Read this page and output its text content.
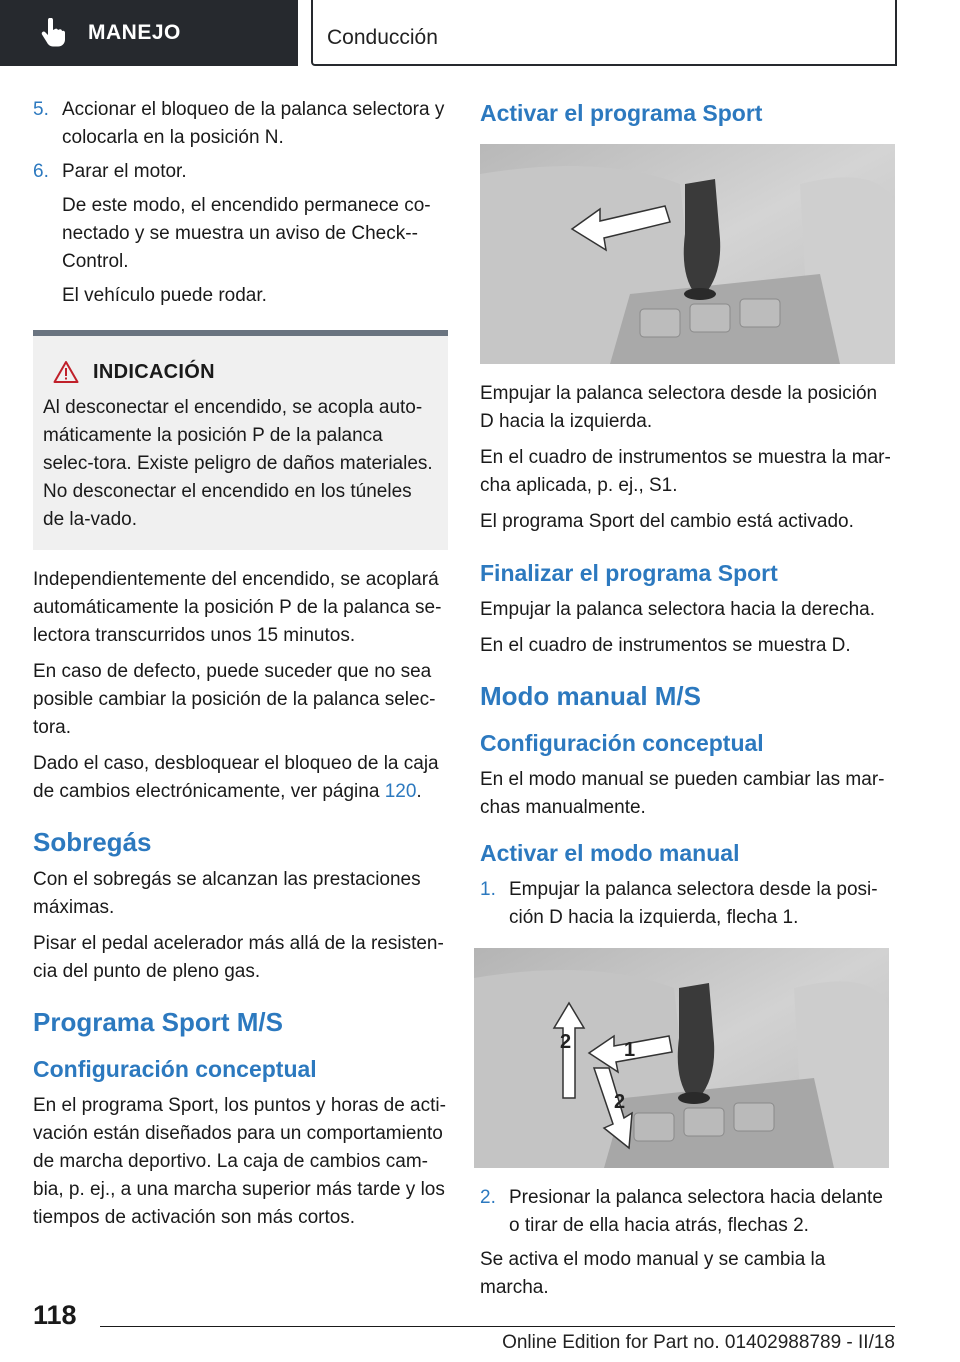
MANEJO	Conducción
5. Accionar el bloqueo de la palanca selectora y colocarla en la posición N.
6. Parar el motor.

De este modo, el encendido permanece co-nectado y se muestra un aviso de Check--Control.

El vehículo puede rodar.

INDICACIÓN

Al desconectar el encendido, se acopla auto-máticamente la posición P de la palanca selec-tora. Existe peligro de daños materiales. No desconectar el encendido en los túneles de la-vado.

Independientemente del encendido, se acoplará automáticamente la posición P de la palanca se-lectora transcurridos unos 15 minutos.

En caso de defecto, puede suceder que no sea posible cambiar la posición de la palanca selec-tora.

Dado el caso, desbloquear el bloqueo de la caja de cambios electrónicamente, ver página 120.

Sobregás

Con el sobregás se alcanzan las prestaciones máximas.

Pisar el pedal acelerador más allá de la resisten-cia del punto de pleno gas.

Programa Sport M/S
Configuración conceptual

En el programa Sport, los puntos y horas de acti-vación están diseñados para un comportamiento de marcha deportivo. La caja de cambios cam-bia, p. ej., a una marcha superior más tarde y los tiempos de activación son más cortos.

Activar el programa Sport

Empujar la palanca selectora desde la posición D hacia la izquierda.

En el cuadro de instrumentos se muestra la mar-cha aplicada, p. ej., S1.

El programa Sport del cambio está activado.

Finalizar el programa Sport

Empujar la palanca selectora hacia la derecha.

En el cuadro de instrumentos se muestra D.

Modo manual M/S
Configuración conceptual

En el modo manual se pueden cambiar las mar-chas manualmente.

Activar el modo manual
1. Empujar la palanca selectora desde la posi-ción D hacia la izquierda, flecha 1.
1
2
2
2. Presionar la palanca selectora hacia delante o tirar de ella hacia atrás, flechas 2.

Se activa el modo manual y se cambia la marcha.

118
Online Edition for Part no. 01402988789 - II/18
